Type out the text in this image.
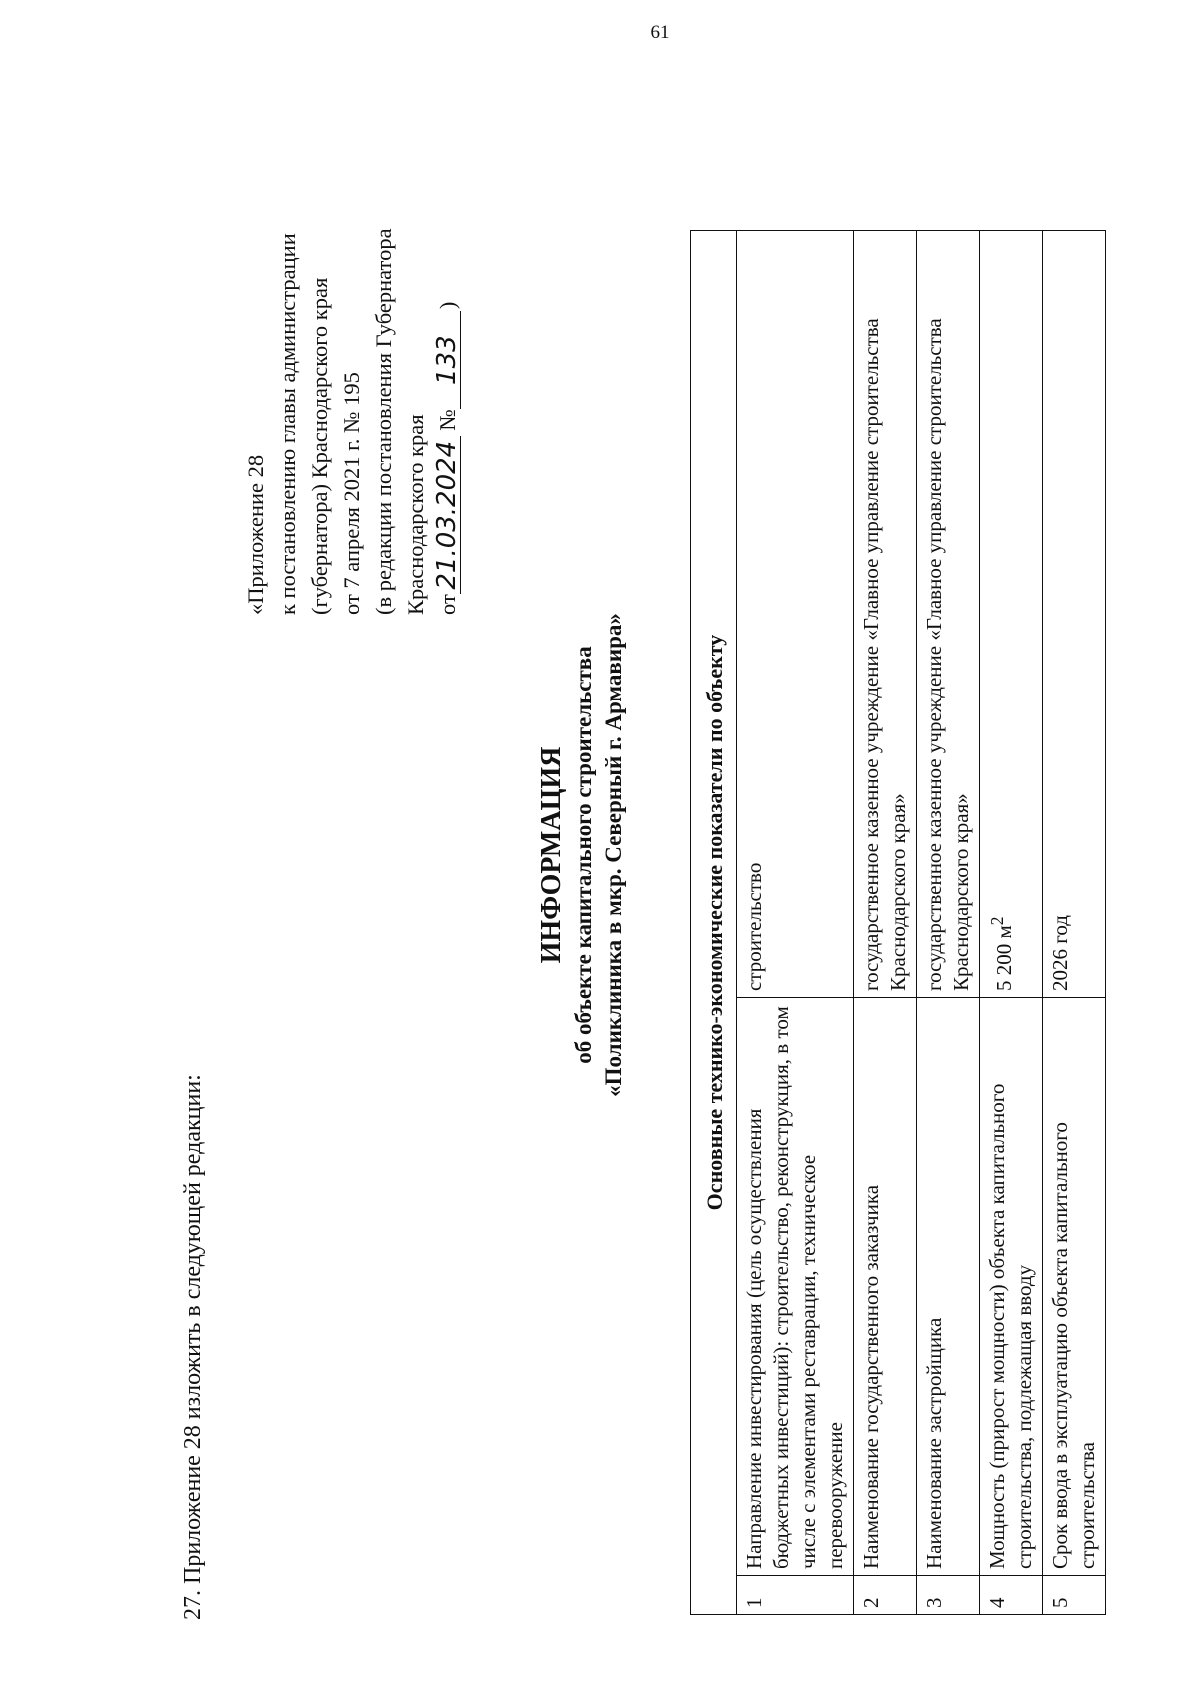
61
27. Приложение 28 изложить в следующей редакции:
«Приложение 28 к постановлению главы администрации (губернатора) Краснодарского края от 7 апреля 2021 г. № 195 (в редакции постановления Губернатора Краснодарского края от21.03.2024 №133)
ИНФОРМАЦИЯ об объекте капитального строительства «Поликлиника в мкр. Северный г. Армавира»	Основные технико-экономические показатели по объекту		
1	Направление инвестирования (цель осуществления бюджетных инвестиций): строительство, реконструкция, в том числе с элементами реставрации, техническое перевооружение	строительство
2	Наименование государственного заказчика	государственное казенное учреждение «Главное управление строительства Краснодарского края»
3	Наименование застройщика	государственное казенное учреждение «Главное управление строительства Краснодарского края»
4	Мощность (прирост мощности) объекта капитального строительства, подлежащая вводу	5 200 $м^2$
5	Срок ввода в эксплуатацию объекта капитального строительства	2026 год
